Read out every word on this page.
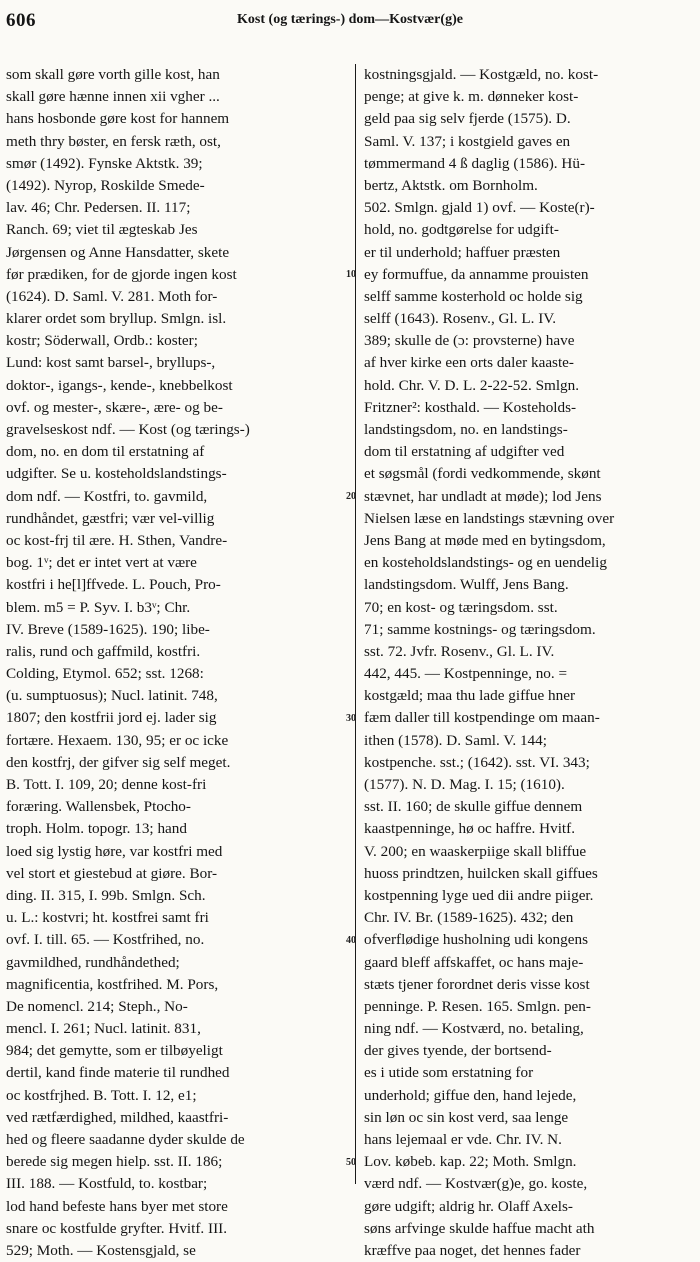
606	Kost (og tærings-) dom—Kostvær(g)e
som skall gøre vorth gille kost, han
skall gøre hænne innen xii vgher ...
hans hosbonde gøre kost for hannem
meth thry bøster, en fersk ræth, ost,
smør (1492). Fynske Aktstk. 39;
(1492). Nyrop, Roskilde Smede-
lav. 46; Chr. Pedersen. II. 117;
Ranch. 69; viet til ægteskab Jes
Jørgensen og Anne Hansdatter, skete
før prædiken, for de gjorde ingen kost
(1624). D. Saml. V. 281. Moth for-
klarer ordet som bryllup. Smlgn. isl.
kostr; Söderwall, Ordb.: koster;
Lund: kost samt barsel-, bryllups-,
doktor-, igangs-, kende-, knebbelkost
ovf. og mester-, skære-, ære- og be-
gravelseskost ndf. — Kost (og tærings-)
dom, no. en dom til erstatning af
udgifter. Se u. kosteholdslandstings-
dom ndf. — Kostfri, to. gavmild,
rundhåndet, gæstfri; vær vel-villig
oc kost-frj til ære. H. Sthen, Vandre-
bog. 1ᵛ; det er intet vert at være
kostfri i he[l]ffvede. L. Pouch, Pro-
blem. m5 = P. Syv. I. b3ᵛ; Chr.
IV. Breve (1589-1625). 190; libe-
ralis, rund och gaffmild, kostfri.
Colding, Etymol. 652; sst. 1268:
(u. sumptuosus); Nucl. latinit. 748,
1807; den kostfrii jord ej. lader sig
fortære. Hexaem. 130, 95; er oc icke
den kostfrj, der gifver sig self meget.
B. Tott. I. 109, 20; denne kost-fri
foræring. Wallensbek, Ptocho-
troph. Holm. topogr. 13; hand
loed sig lystig høre, var kostfri med
vel stort et giestebud at giøre. Bor-
ding. II. 315, I. 99b. Smlgn. Sch.
u. L.: kostvri; ht. kostfrei samt fri
ovf. I. till. 65. — Kostfrihed, no.
gavmildhed, rundhåndethed;
magnificentia, kostfrihed. M. Pors,
De nomencl. 214; Steph., No-
mencl. I. 261; Nucl. latinit. 831,
984; det gemytte, som er tilbøyeligt
dertil, kand finde materie til rundhed
oc kostfrjhed. B. Tott. I. 12, e1;
ved rætfærdighed, mildhed, kaastfri-
hed og fleere saadanne dyder skulde de
berede sig megen hielp. sst. II. 186;
III. 188. — Kostfuld, to. kostbar;
lod hand befeste hans byer met store
snare oc kostfulde gryfter. Hvitf. III.
529; Moth. — Kostensgjald, se
10
20
30
40
50
kostningsgjald. — Kostgæld, no. kost-
penge; at give k. m. dønneker kost-
geld paa sig selv fjerde (1575). D.
Saml. V. 137; i kostgield gaves en
tømmermand 4 ß daglig (1586). Hü-
bertz, Aktstk. om Bornholm.
502. Smlgn. gjald 1) ovf. — Koste(r)-
hold, no. godtgørelse for udgift-
er til underhold; haffuer præsten
ey formuffue, da annamme prouisten
selff samme kosterhold oc holde sig
selff (1643). Rosenv., Gl. L. IV.
389; skulle de (ɔ: provsterne) have
af hver kirke een orts daler kaaste-
hold. Chr. V. D. L. 2-22-52. Smlgn.
Fritzner²: kosthald. — Kosteholds-
landstingsdom, no. en landstings-
dom til erstatning af udgifter ved
et søgsmål (fordi vedkommende, skønt
stævnet, har undladt at møde); lod Jens
Nielsen læse en landstings stævning over
Jens Bang at møde med en bytingsdom,
en kosteholdslandstings- og en uendelig
landstingsdom. Wulff, Jens Bang.
70; en kost- og tæringsdom. sst.
71; samme kostnings- og tæringsdom.
sst. 72. Jvfr. Rosenv., Gl. L. IV.
442, 445. — Kostpenninge, no. =
kostgæld; maa thu lade giffue hner
fæm daller till kostpendinge om maan-
ithen (1578). D. Saml. V. 144;
kostpenche. sst.; (1642). sst. VI. 343;
(1577). N. D. Mag. I. 15; (1610).
sst. II. 160; de skulle giffue dennem
kaastpenninge, hø oc haffre. Hvitf.
V. 200; en waaskerpiige skall bliffue
huoss prindtzen, huilcken skall giffues
kostpenning lyge ued dii andre piiger.
Chr. IV. Br. (1589-1625). 432; den
ofverflødige husholning udi kongens
gaard bleff affskaffet, oc hans maje-
stæts tjener forordnet deris visse kost
penninge. P. Resen. 165. Smlgn. pen-
ning ndf. — Kostværd, no. betaling,
der gives tyende, der bortsend-
es i utide som erstatning for
underhold; giffue den, hand lejede,
sin løn oc sin kost verd, saa lenge
hans lejemaal er vde. Chr. IV. N.
Lov. købeb. kap. 22; Moth. Smlgn.
værd ndf. — Kostvær(g)e, go. koste,
gøre udgift; aldrig hr. Olaff Axels-
søns arfvinge skulde haffue macht ath
kræffve paa noget, det hennes fader
